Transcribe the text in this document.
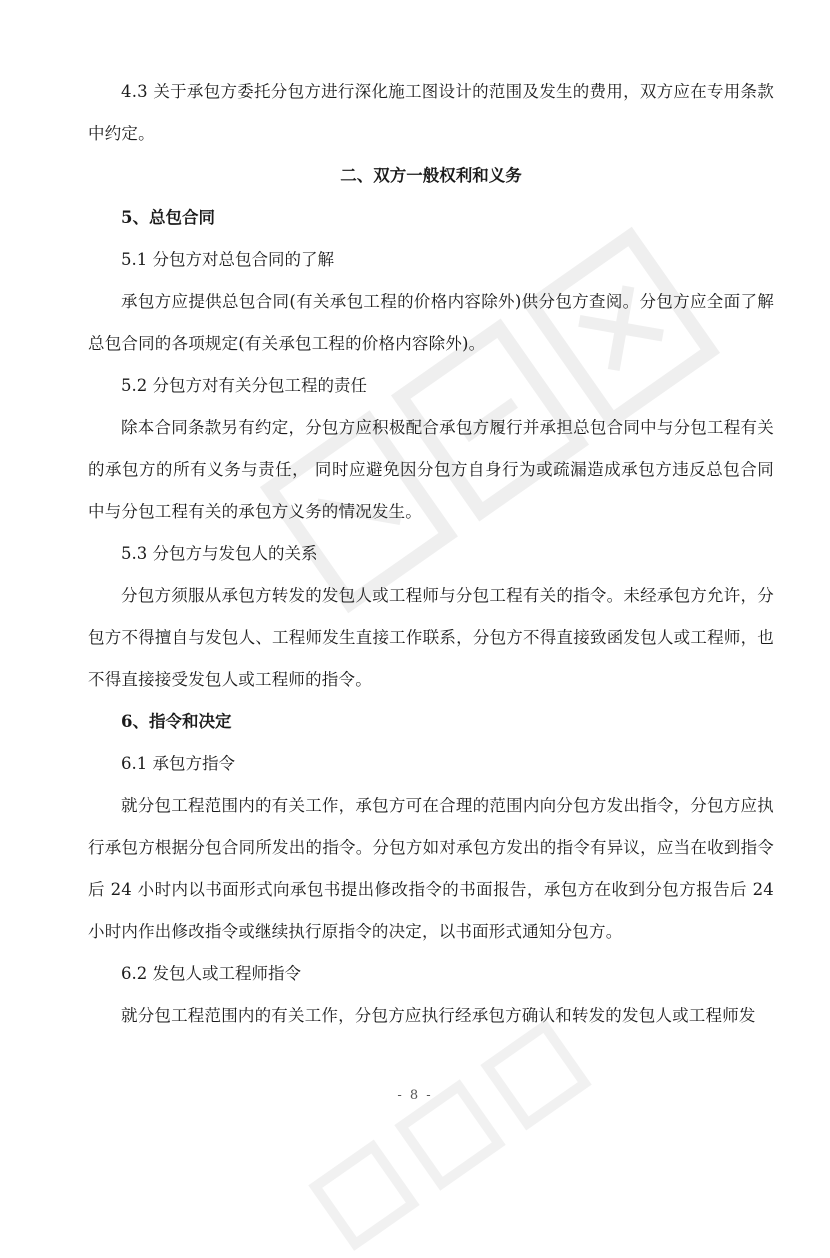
4.3 关于承包方委托分包方进行深化施工图设计的范围及发生的费用，双方应在专用条款中约定。

二、双方一般权利和义务

5、总包合同

5.1 分包方对总包合同的了解

承包方应提供总包合同(有关承包工程的价格内容除外)供分包方查阅。分包方应全面了解总包合同的各项规定(有关承包工程的价格内容除外)。

5.2 分包方对有关分包工程的责任

除本合同条款另有约定，分包方应积极配合承包方履行并承担总包合同中与分包工程有关的承包方的所有义务与责任， 同时应避免因分包方自身行为或疏漏造成承包方违反总包合同中与分包工程有关的承包方义务的情况发生。

5.3 分包方与发包人的关系

分包方须服从承包方转发的发包人或工程师与分包工程有关的指令。未经承包方允许，分包方不得擅自与发包人、工程师发生直接工作联系，分包方不得直接致函发包人或工程师，也不得直接接受发包人或工程师的指令。

6、指令和决定

6.1 承包方指令

就分包工程范围内的有关工作，承包方可在合理的范围内向分包方发出指令，分包方应执行承包方根据分包合同所发出的指令。分包方如对承包方发出的指令有异议，应当在收到指令后 24 小时内以书面形式向承包书提出修改指令的书面报告，承包方在收到分包方报告后 24 小时内作出修改指令或继续执行原指令的决定，以书面形式通知分包方。

6.2 发包人或工程师指令

就分包工程范围内的有关工作，分包方应执行经承包方确认和转发的发包人或工程师发

- 8 -
